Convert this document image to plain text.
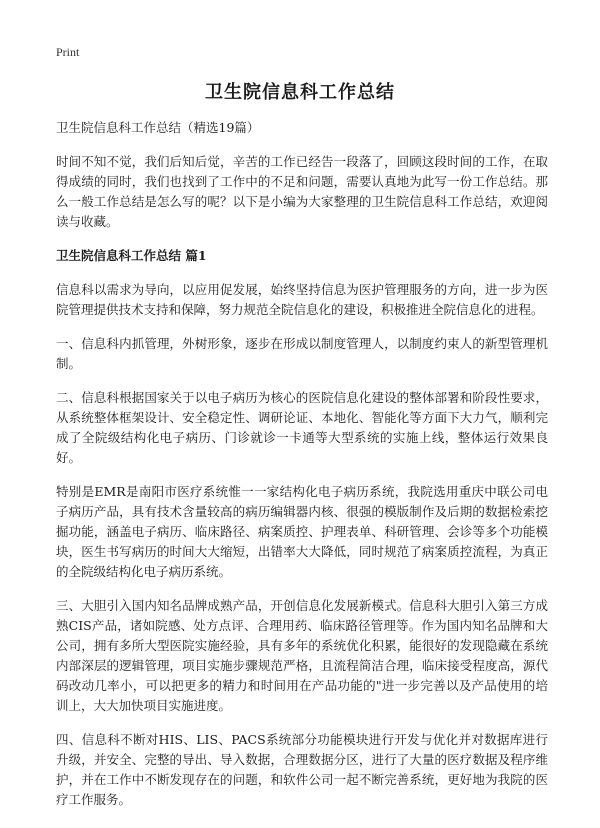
Print
卫生院信息科工作总结

卫生院信息科工作总结（精选19篇）

时间不知不觉，我们后知后觉，辛苦的工作已经告一段落了，回顾这段时间的工作，在取得成绩的同时，我们也找到了工作中的不足和问题，需要认真地为此写一份工作总结。那么一般工作总结是怎么写的呢？以下是小编为大家整理的卫生院信息科工作总结，欢迎阅读与收藏。

卫生院信息科工作总结 篇1

信息科以需求为导向，以应用促发展，始终坚持信息为医护管理服务的方向，进一步为医院管理提供技术支持和保障，努力规范全院信息化的建设，积极推进全院信息化的进程。

一、信息科内抓管理，外树形象，逐步在形成以制度管理人，以制度约束人的新型管理机制。

二、信息科根据国家关于以电子病历为核心的医院信息化建设的整体部署和阶段性要求，从系统整体框架设计、安全稳定性、调研论证、本地化、智能化等方面下大力气，顺利完成了全院级结构化电子病历、门诊就诊一卡通等大型系统的实施上线，整体运行效果良好。

特别是EMR是南阳市医疗系统惟一一家结构化电子病历系统，我院选用重庆中联公司电子病历产品，具有技术含量较高的病历编辑器内核、很强的模版制作及后期的数据检索挖掘功能，涵盖电子病历、临床路径、病案质控、护理表单、科研管理、会诊等多个功能模块，医生书写病历的时间大大缩短，出错率大大降低，同时规范了病案质控流程，为真正的全院级结构化电子病历系统。

三、大胆引入国内知名品牌成熟产品，开创信息化发展新模式。信息科大胆引入第三方成熟CIS产品，诸如院感、处方点评、合理用药、临床路径管理等。作为国内知名品牌和大公司，拥有多所大型医院实施经验，具有多年的系统优化积累，能很好的发现隐藏在系统内部深层的逻辑管理，项目实施步骤规范严格，且流程简洁合理，临床接受程度高，源代码改动几率小，可以把更多的精力和时间用在产品功能的"进一步完善以及产品使用的培训上，大大加快项目实施进度。

四、信息科不断对HIS、LIS、PACS系统部分功能模块进行开发与优化并对数据库进行升级，并安全、完整的导出、导入数据，合理数据分区，进行了大量的医疗数据及程序维护，并在工作中不断发现存在的问题，和软件公司一起不断完善系统，更好地为我院的医疗工作服务。
